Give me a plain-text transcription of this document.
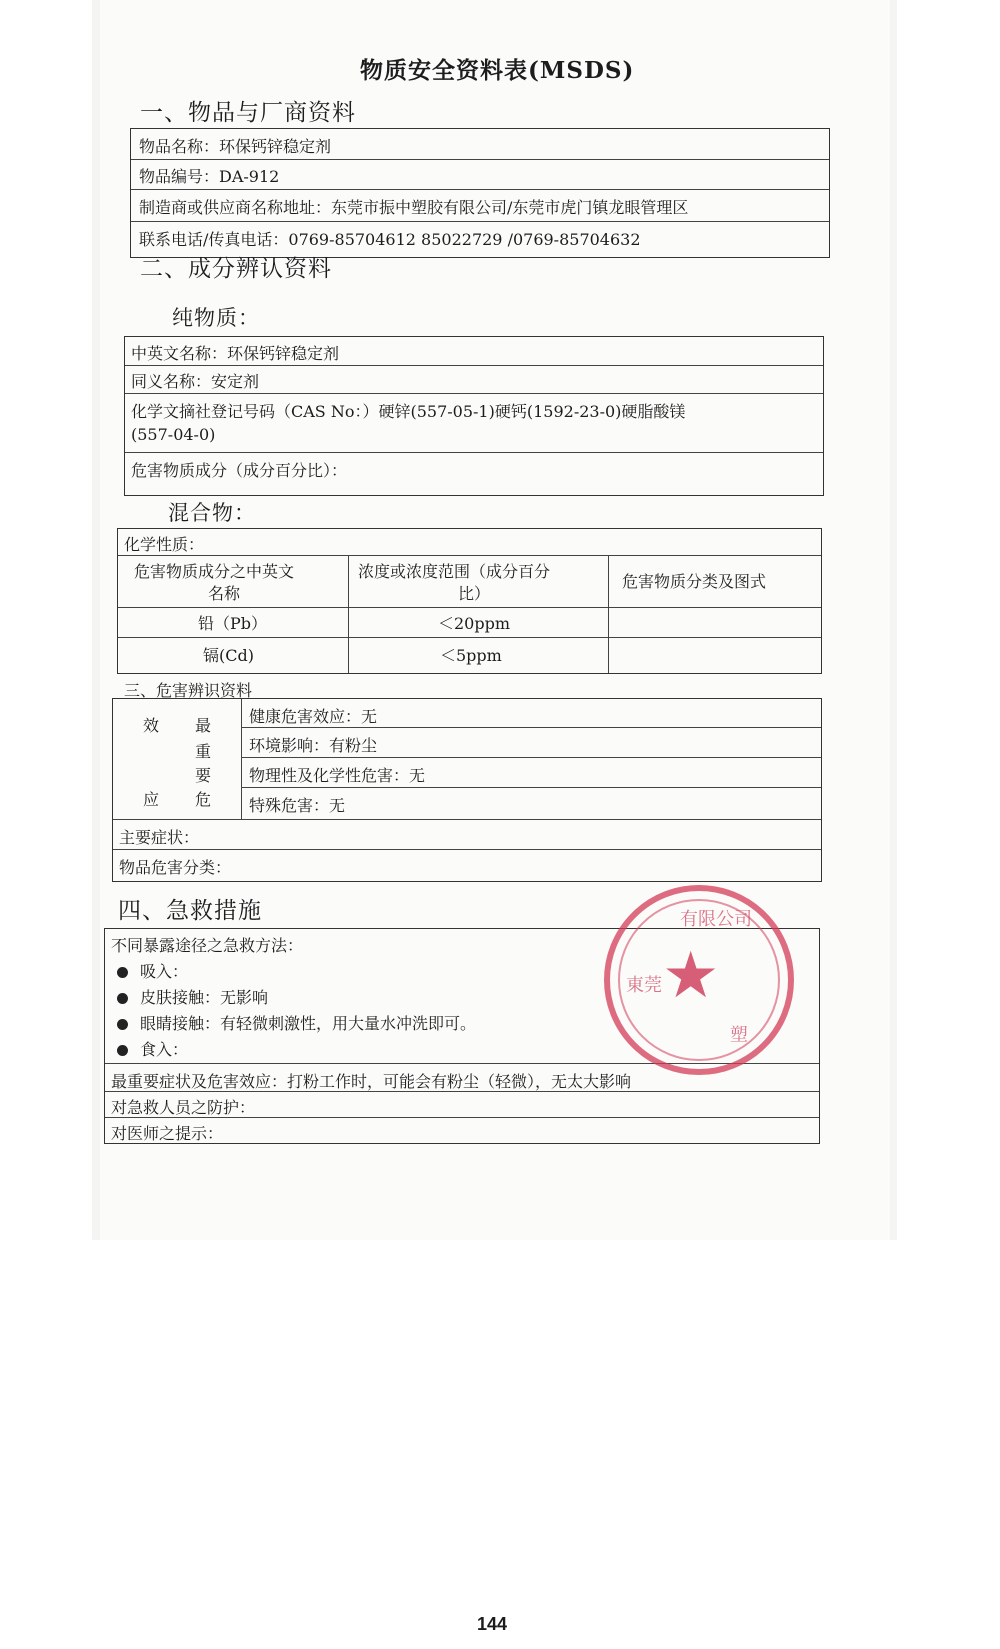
物质安全资料表(MSDS)
一、物品与厂商资料
物品名称：环保钙锌稳定剂
物品编号：DA-912
制造商或供应商名称地址：东莞市振中塑胶有限公司/东莞市虎门镇龙眼管理区
联系电话/传真电话：0769-85704612 85022729 /0769-85704632
二、成分辨认资料
纯物质：
中英文名称：环保钙锌稳定剂
同义名称：安定剂
化学文摘社登记号码（CAS No：）硬锌(557-05-1)硬钙(1592-23-0)硬脂酸镁
(557-04-0)
危害物质成分（成分百分比）：
混合物：
化学性质：
危害物质成分之中英文
名称
浓度或浓度范围（成分百分
比）
危害物质分类及图式
铅（Pb）	＜20ppm
镉(Cd)	＜5ppm
三、危害辨识资料
效 最
重
要
应 危
健康危害效应：无
环境影响：有粉尘
物理性及化学性危害：无
特殊危害：无
主要症状：
物品危害分类：
四、急救措施
不同暴露途径之急救方法：
吸入：
皮肤接触：无影响
眼睛接触：有轻微刺激性，用大量水冲洗即可。
食入：
最重要症状及危害效应：打粉工作时，可能会有粉尘（轻微），无太大影响
对急救人员之防护：
对医师之提示：
★
有限公司
東莞
塑
144
